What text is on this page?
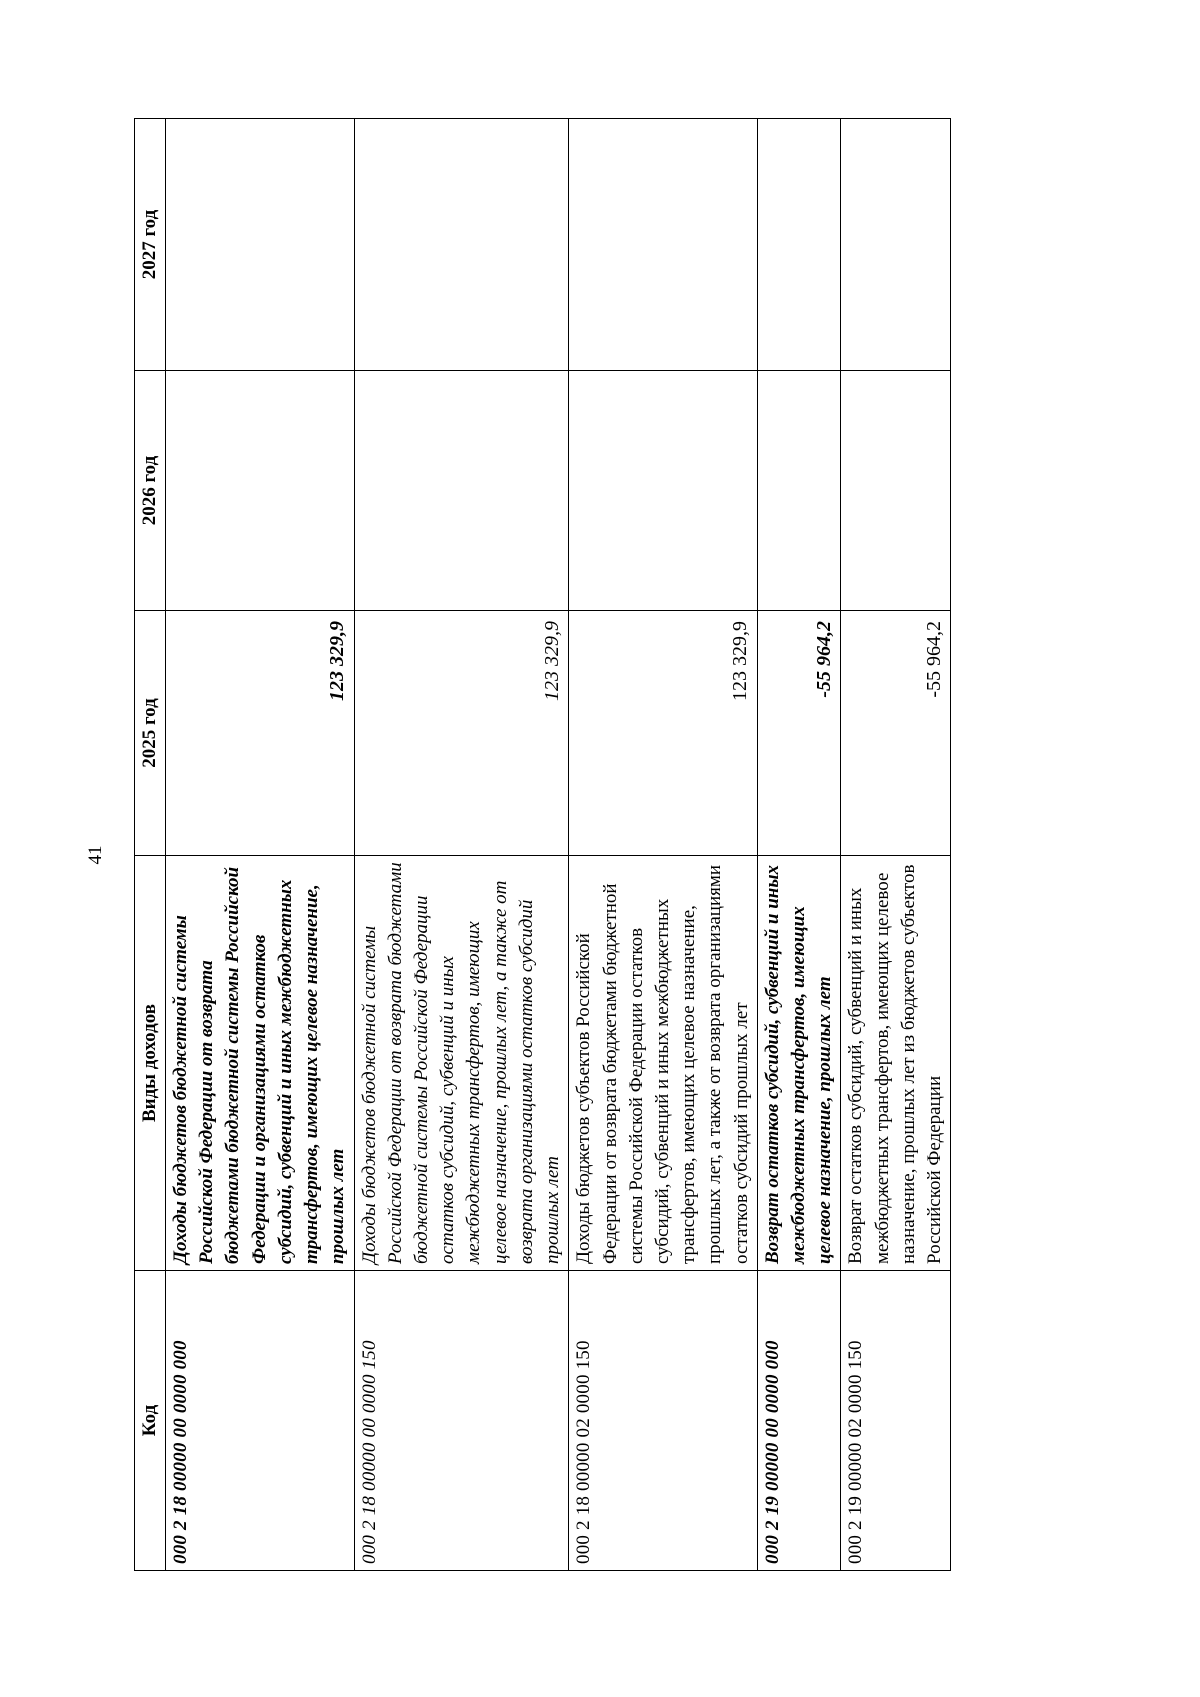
41
Код	Виды доходов	2025 год	2026 год	2027 год
000 2 18 00000 00 0000 000	Доходы бюджетов бюджетной системы Российской Федерации от возврата бюджетами бюджетной системы Российской Федерации и организациями остатков субсидий, субвенций и иных межбюджетных трансфертов, имеющих целевое назначение, прошлых лет	123 329,9		
000 2 18 00000 00 0000 150	Доходы бюджетов бюджетной системы Российской Федерации от возврата бюджетами бюджетной системы Российской Федерации остатков субсидий, субвенций и иных межбюджетных трансфертов, имеющих целевое назначение, прошлых лет, а также от возврата организациями остатков субсидий прошлых лет	123 329,9		
000 2 18 00000 02 0000 150	Доходы бюджетов субъектов Российской Федерации от возврата бюджетами бюджетной системы Российской Федерации остатков субсидий, субвенций и иных межбюджетных трансфертов, имеющих целевое назначение, прошлых лет, а также от возврата организациями остатков субсидий прошлых лет	123 329,9		
000 2 19 00000 00 0000 000	Возврат остатков субсидий, субвенций и иных межбюджетных трансфертов, имеющих целевое назначение, прошлых лет	-55 964,2		
000 2 19 00000 02 0000 150	Возврат остатков субсидий, субвенций и иных межбюджетных трансфертов, имеющих целевое назначение, прошлых лет из бюджетов субъектов Российской Федерации	-55 964,2		
